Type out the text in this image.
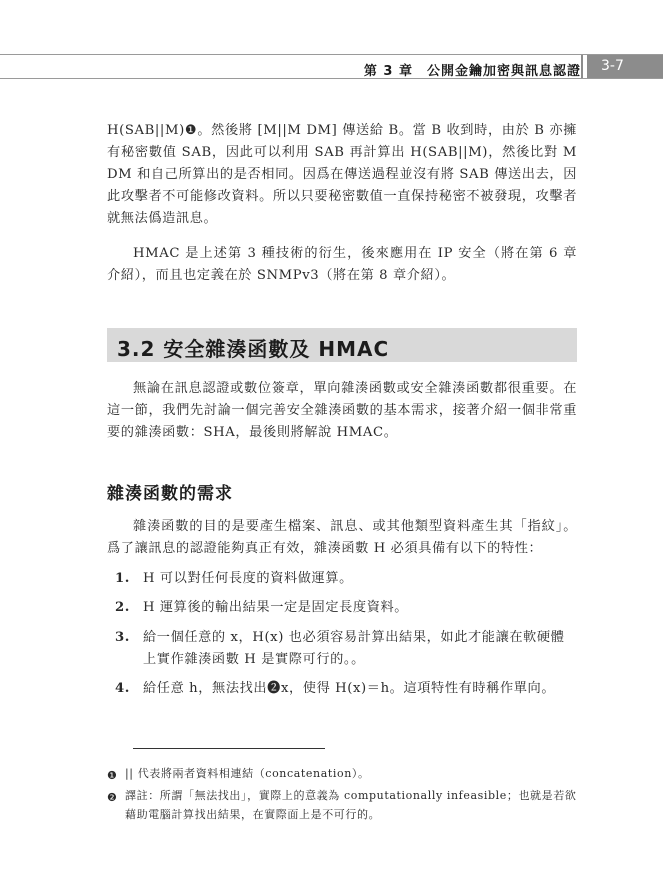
第 3 章　公開金鑰加密與訊息認證	3-7

H(SAB||M)❶。然後將 [M||M DM] 傳送給 B。當 B 收到時，由於 B 亦擁有秘密數值 SAB，因此可以利用 SAB 再計算出 H(SAB||M)，然後比對 M DM 和自己所算出的是否相同。因爲在傳送過程並沒有將 SAB 傳送出去，因此攻擊者不可能修改資料。所以只要秘密數值一直保持秘密不被發現，攻擊者就無法僞造訊息。

HMAC 是上述第 3 種技術的衍生，後來應用在 IP 安全（將在第 6 章介紹），而且也定義在於 SNMPv3（將在第 8 章介紹）。

3.2 安全雜湊函數及 HMAC

無論在訊息認證或數位簽章，單向雜湊函數或安全雜湊函數都很重要。在這一節，我們先討論一個完善安全雜湊函數的基本需求，接著介紹一個非常重要的雜湊函數：SHA，最後則將解說 HMAC。

雜湊函數的需求

雜湊函數的目的是要產生檔案、訊息、或其他類型資料產生其「指紋」。爲了讓訊息的認證能夠真正有效，雜湊函數 H 必須具備有以下的特性：

1. H 可以對任何長度的資料做運算。
2. H 運算後的輸出結果一定是固定長度資料。
3. 給一個任意的 x，H(x) 也必須容易計算出結果，如此才能讓在軟硬體上實作雜湊函數 H 是實際可行的。。
4. 給任意 h，無法找出❷x，使得 H(x)＝h。這項特性有時稱作單向。
❶ || 代表將兩者資料相連結（concatenation）。
❷ 譯註：所謂「無法找出」，實際上的意義為 computationally infeasible；也就是若欲藉助電腦計算找出結果，在實際面上是不可行的。
